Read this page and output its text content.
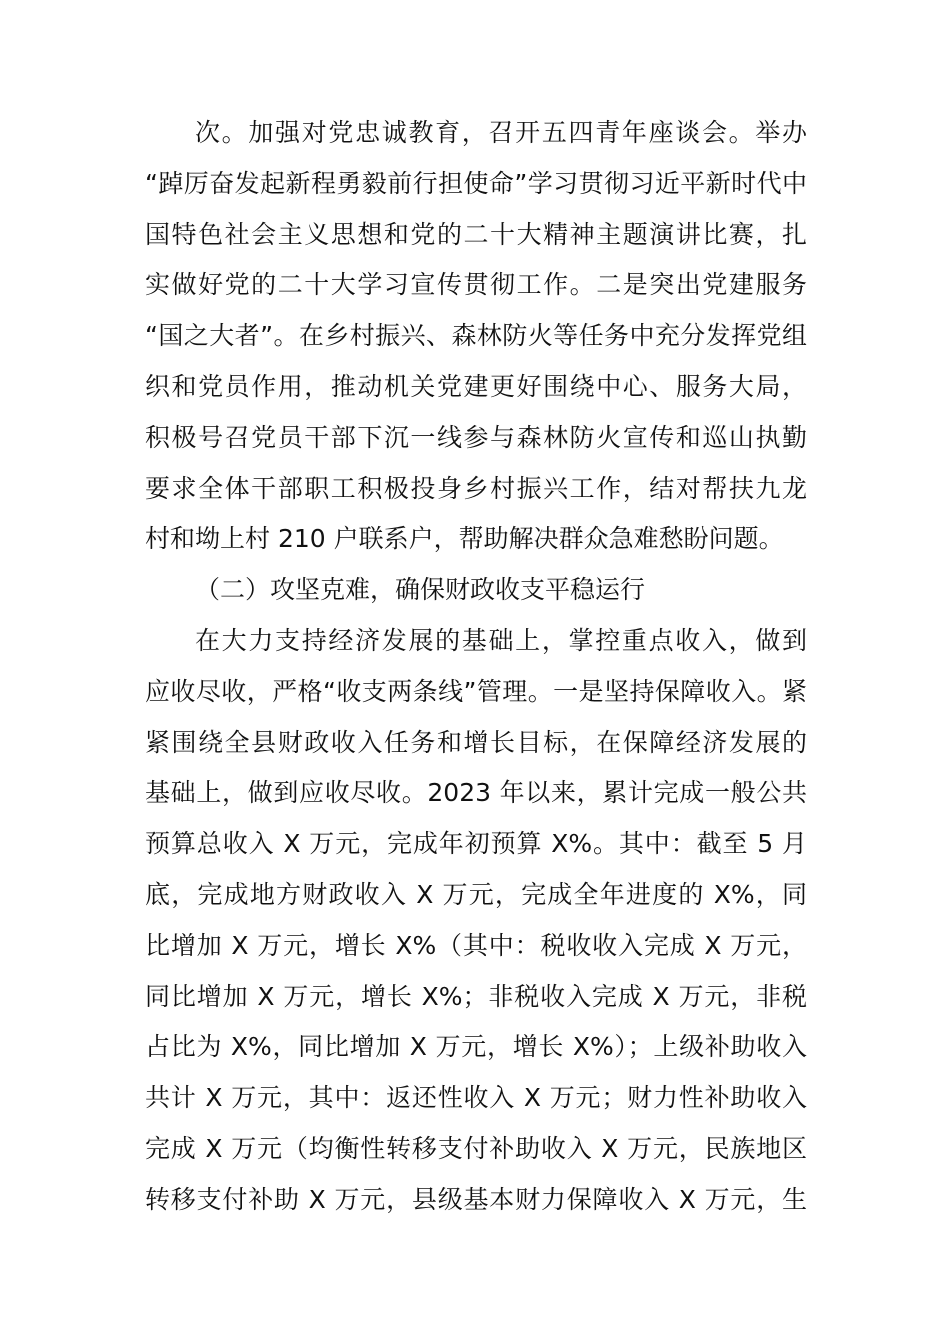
次。加强对党忠诚教育，召开五四青年座谈会。举办
“踔厉奋发起新程勇毅前行担使命”学习贯彻习近平新时代中
国特色社会主义思想和党的二十大精神主题演讲比赛，扎
实做好党的二十大学习宣传贯彻工作。二是突出党建服务
“国之大者”。在乡村振兴、森林防火等任务中充分发挥党组
织和党员作用，推动机关党建更好围绕中心、服务大局，
积极号召党员干部下沉一线参与森林防火宣传和巡山执勤
要求全体干部职工积极投身乡村振兴工作，结对帮扶九龙
村和坳上村 210 户联系户，帮助解决群众急难愁盼问题。
（二）攻坚克难，确保财政收支平稳运行
在大力支持经济发展的基础上，掌控重点收入，做到
应收尽收，严格“收支两条线”管理。一是坚持保障收入。紧
紧围绕全县财政收入任务和增长目标，在保障经济发展的
基础上，做到应收尽收。2023 年以来，累计完成一般公共
预算总收入 X 万元，完成年初预算 X%。其中：截至 5 月
底，完成地方财政收入 X 万元，完成全年进度的 X%，同
比增加 X 万元，增长 X%（其中：税收收入完成 X 万元，
同比增加 X 万元，增长 X%；非税收入完成 X 万元，非税
占比为 X%，同比增加 X 万元，增长 X%）；上级补助收入
共计 X 万元，其中：返还性收入 X 万元；财力性补助收入
完成 X 万元（均衡性转移支付补助收入 X 万元，民族地区
转移支付补助 X 万元，县级基本财力保障收入 X 万元，生
